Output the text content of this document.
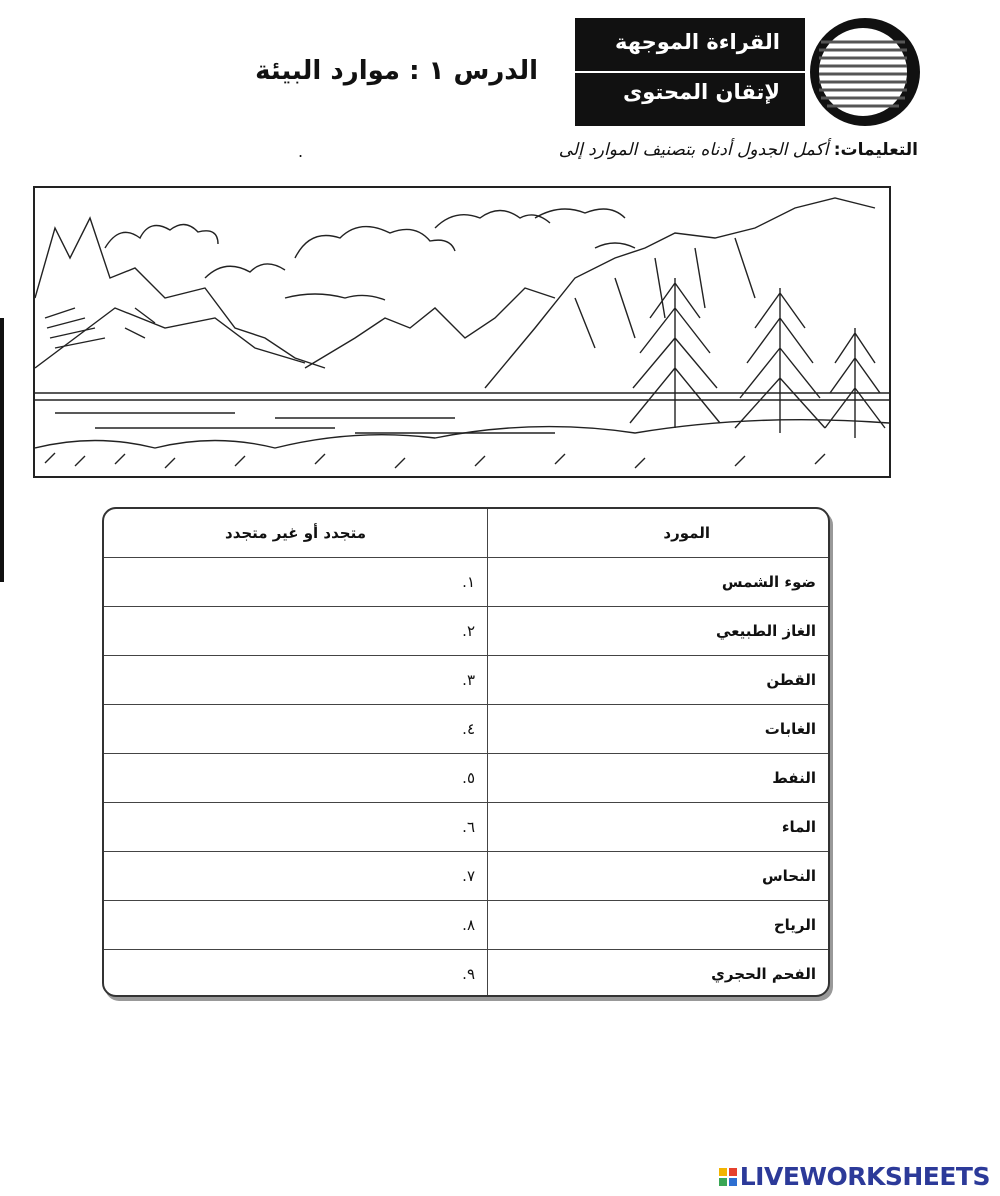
القراءة الموجهة
لإتقان المحتوى
الدرس ١ : موارد البيئة
التعليمات: أكمل الجدول أدناه بتصنيف الموارد إلى
.
المورد	متجدد أو غير متجدد
ضوء الشمس	١.
الغاز الطبيعي	٢.
القطن	٣.
الغابات	٤.
النفط	٥.
الماء	٦.
النحاس	٧.
الرياح	٨.
الفحم الحجري	٩.
LIVEWORKSHEETS
